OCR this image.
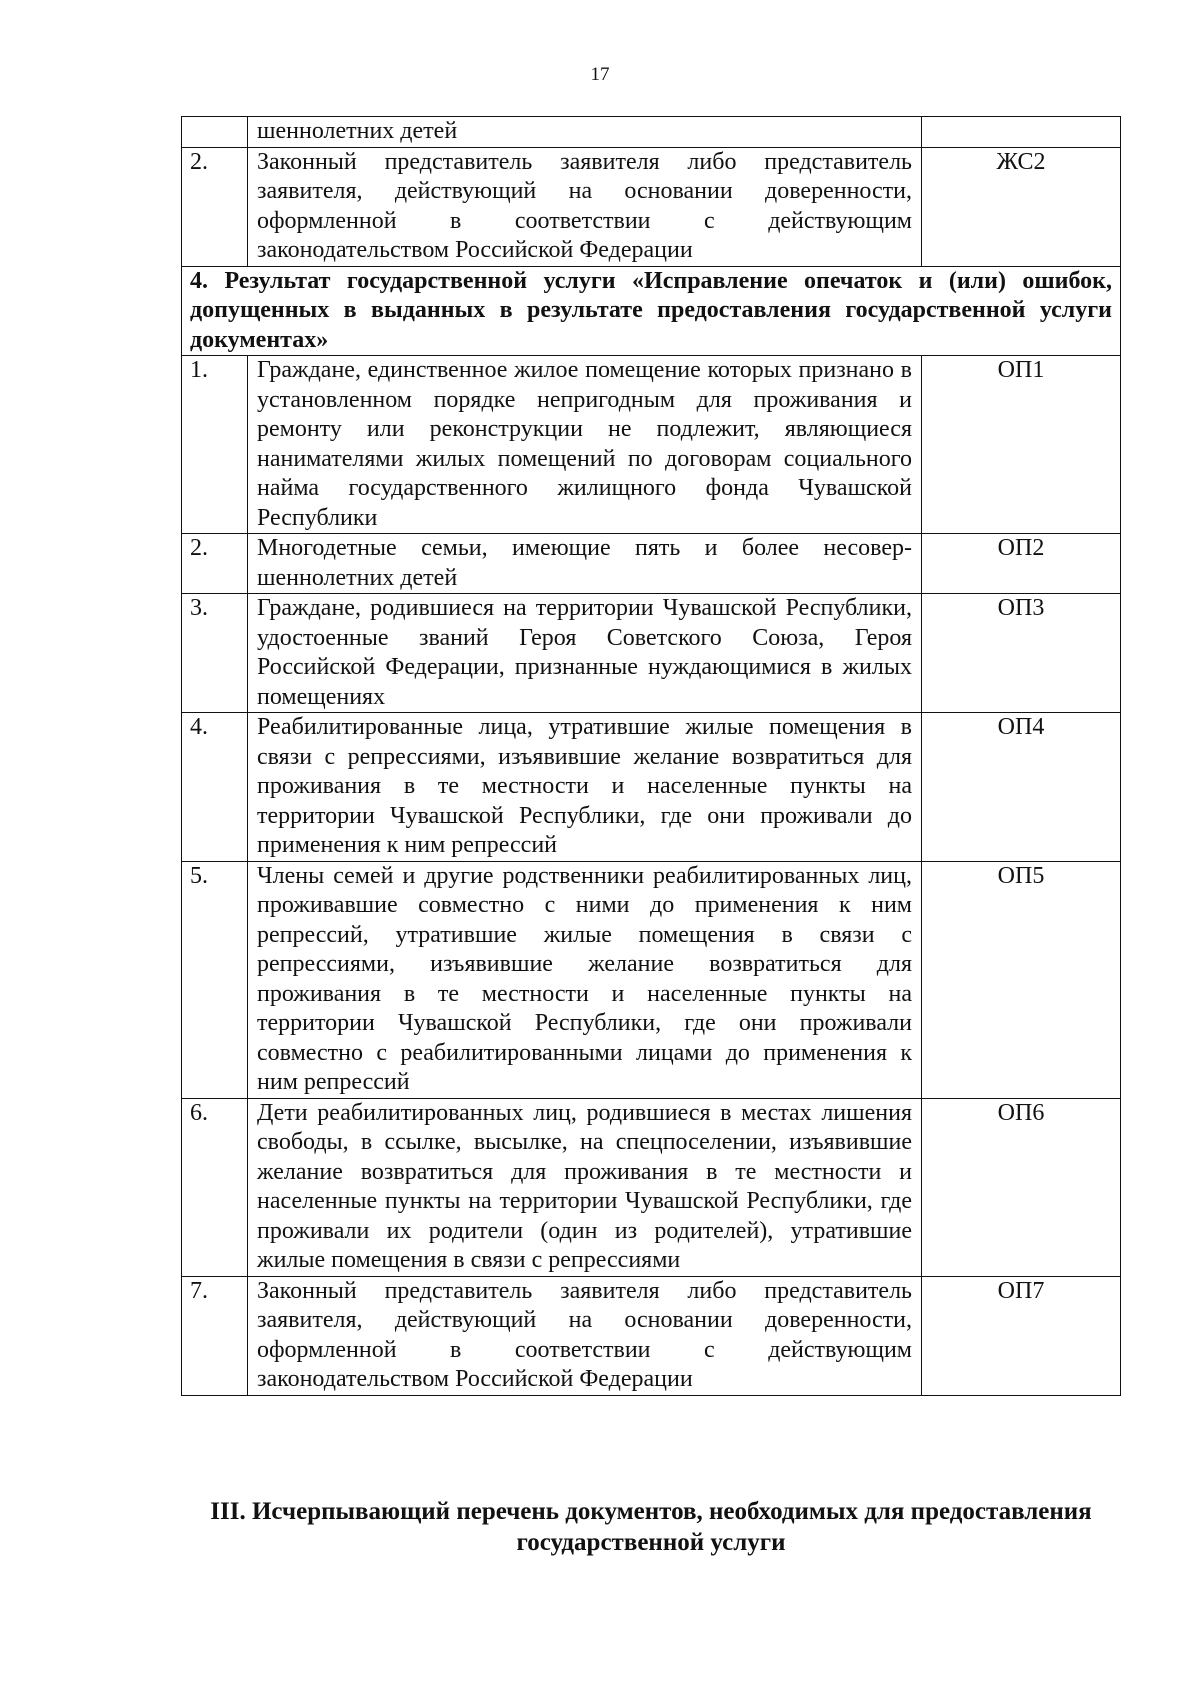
17
	шеннолетних детей	
2.	Законный представитель заявителя либо представитель заявителя, действующий на основании доверенности, оформленной в соответствии с действующим законодательством Российской Федерации	ЖС2
4. Результат государственной услуги «Исправление опечаток и (или) ошибок, допущенных в выданных в результате предоставления государственной услуги документах»		
1.	Граждане, единственное жилое помещение которых признано в установленном порядке непригодным для проживания и ремонту или реконструкции не подлежит, являющиеся нанимателями жилых помещений по договорам социального найма государственного жилищного фонда Чувашской Республики	ОП1
2.	Многодетные семьи, имеющие пять и более несовершеннолетних детей	ОП2
3.	Граждане, родившиеся на территории Чувашской Республики, удостоенные званий Героя Советского Союза, Героя Российской Федерации, признанные нуждающимися в жилых помещениях	ОП3
4.	Реабилитированные лица, утратившие жилые помещения в связи с репрессиями, изъявившие желание возвратиться для проживания в те местности и населенные пункты на территории Чувашской Республики, где они проживали до применения к ним репрессий	ОП4
5.	Члены семей и другие родственники реабилитированных лиц, проживавшие совместно с ними до применения к ним репрессий, утратившие жилые помещения в связи с репрессиями, изъявившие желание возвратиться для проживания в те местности и населенные пункты на территории Чувашской Республики, где они проживали совместно с реабилитированными лицами до применения к ним репрессий	ОП5
6.	Дети реабилитированных лиц, родившиеся в местах лишения свободы, в ссылке, высылке, на спецпоселении, изъявившие желание возвратиться для проживания в те местности и населенные пункты на территории Чувашской Республики, где проживали их родители (один из родителей), утратившие жилые помещения в связи с репрессиями	ОП6
7.	Законный представитель заявителя либо представитель заявителя, действующий на основании доверенности, оформленной в соответствии с действующим законодательством Российской Федерации	ОП7
III. Исчерпывающий перечень документов, необходимых для предоставления государственной услуги
